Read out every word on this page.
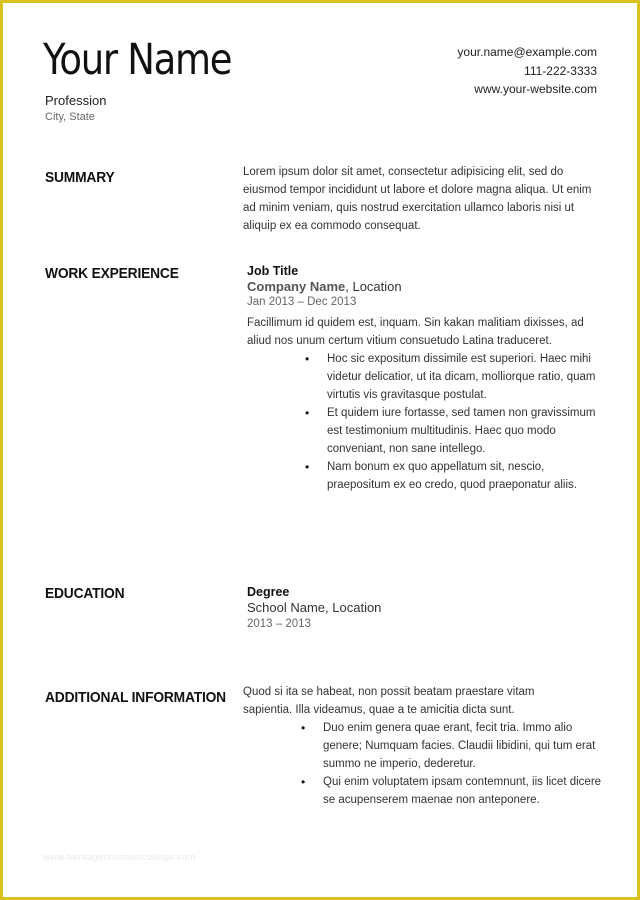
Your Name
Profession
City, State
your.name@example.com
111-222-3333
www.your-website.com
SUMMARY	Lorem ipsum dolor sit amet, consectetur adipisicing elit, sed do eiusmod tempor incididunt ut labore et dolore magna aliqua. Ut enim ad minim veniam, quis nostrud exercitation ullamco laboris nisi ut aliquip ex ea commodo consequat.
WORK EXPERIENCE	Job Title
Company Name, Location
Jan 2013 – Dec 2013
Facillimum id quidem est, inquam. Sin kakan malitiam dixisses, ad aliud nos unum certum vitium consuetudo Latina traduceret.
• Hoc sic expositum dissimile est superiori. Haec mihi videtur delicatior, ut ita dicam, molliorque ratio, quam virtutis vis gravitasque postulat.
• Et quidem iure fortasse, sed tamen non gravissimum est testimonium multitudinis. Haec quo modo conveniant, non sane intellego.
• Nam bonum ex quo appellatum sit, nescio, praepositum ex eo credo, quod praeponatur aliis.
EDUCATION	Degree
School Name, Location
2013 – 2013
ADDITIONAL INFORMATION Quod si ita se habeat, non possit beatam praestare vitam sapientia. Illa videamus, quae a te amicitia dicta sunt.
• Duo enim genera quae erant, fecit tria. Immo alio genere; Numquam facies. Claudii libidini, qui tum erat summo ne imperio, dederetur.
• Qui enim voluptatem ipsam contemnunt, iis licet dicere se acupenserem maenae non anteponere.
www.heritagechristiancollege.com
